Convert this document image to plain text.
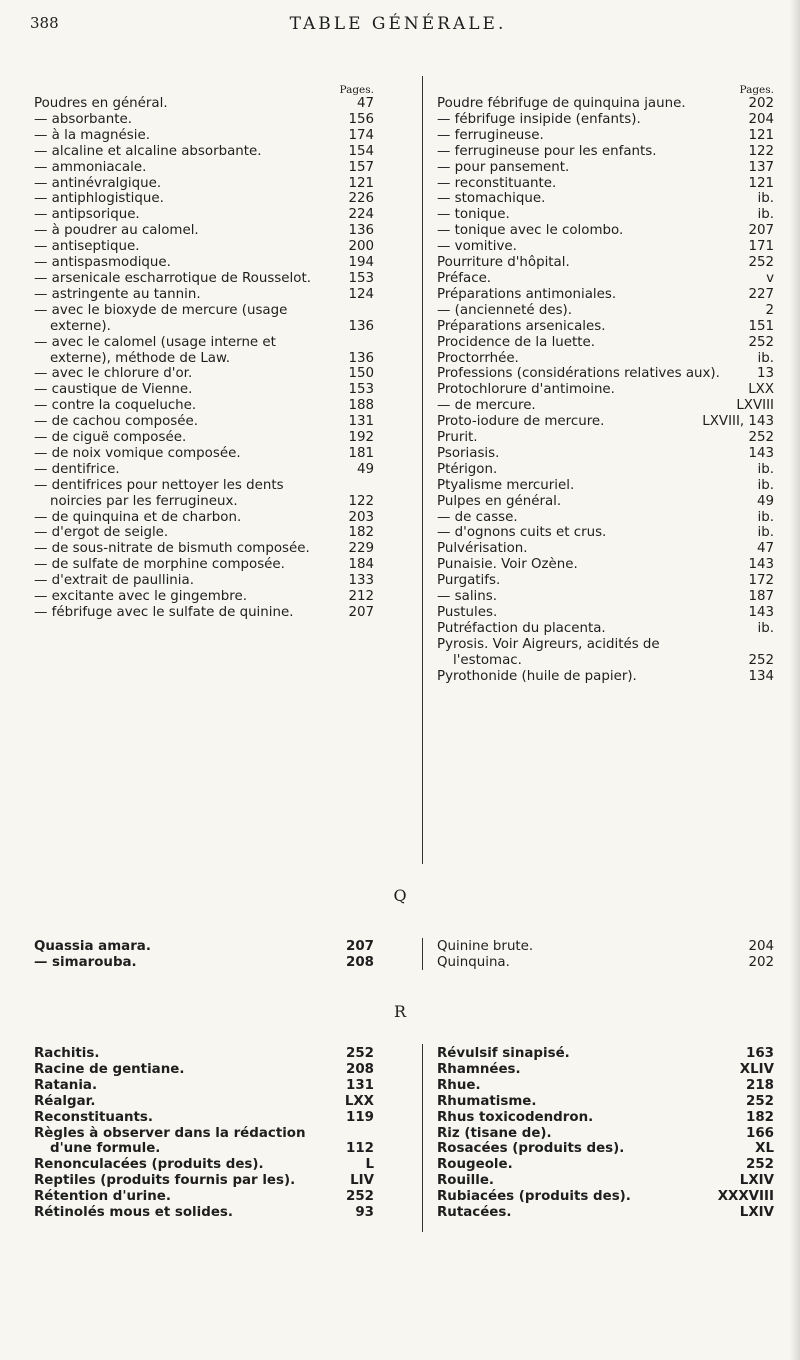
388	TABLE GÉNÉRALE.
Pages.
Poudres en général.	47
— absorbante.	156
— à la magnésie.	174
— alcaline et alcaline absorbante.	154
— ammoniacale.	157
— antinévralgique.	121
— antiphlogistique.	226
— antipsorique.	224
— à poudrer au calomel.	136
— antiseptique.	200
— antispasmodique.	194
— arsenicale escharrotique de Rousselot.	153
— astringente au tannin.	124
— avec le bioxyde de mercure (usage externe).	136
— avec le calomel (usage interne et externe), méthode de Law.	136
— avec le chlorure d'or.	150
— caustique de Vienne.	153
— contre la coqueluche.	188
— de cachou composée.	131
— de ciguë composée.	192
— de noix vomique composée.	181
— dentifrice.	49
— dentifrices pour nettoyer les dents noircies par les ferrugineux.	122
— de quinquina et de charbon.	203
— d'ergot de seigle.	182
— de sous-nitrate de bismuth composée.	229
— de sulfate de morphine composée.	184
— d'extrait de paullinia.	133
— excitante avec le gingembre.	212
— fébrifuge avec le sulfate de quinine.	207
Pages.
Poudre fébrifuge de quinquina jaune.	202
— fébrifuge insipide (enfants).	204
— ferrugineuse.	121
— ferrugineuse pour les enfants.	122
— pour pansement.	137
— reconstituante.	121
— stomachique.	ib.
— tonique.	ib.
— tonique avec le colombo.	207
— vomitive.	171
Pourriture d'hôpital.	252
Préface.	v
Préparations antimoniales.	227
— (ancienneté des).	2
Préparations arsenicales.	151
Procidence de la luette.	252
Proctorrhée.	ib.
Professions (considérations relatives aux).	13
Protochlorure d'antimoine.	LXX
— de mercure.	LXVIII
Proto-iodure de mercure.	LXVIII, 143
Prurit.	252
Psoriasis.	143
Ptérigon.	ib.
Ptyalisme mercuriel.	ib.
Pulpes en général.	49
— de casse.	ib.
— d'ognons cuits et crus.	ib.
Pulvérisation.	47
Punaisie. Voir Ozène.	143
Purgatifs.	172
— salins.	187
Pustules.	143
Putréfaction du placenta.	ib.
Pyrosis. Voir Aigreurs, acidités de l'estomac.	252
Pyrothonide (huile de papier).	134
Q
Quassia amara.	207
— simarouba.	208
Quinine brute.	204
Quinquina.	202
R
Rachitis.	252
Racine de gentiane.	208
Ratania.	131
Réalgar.	LXX
Reconstituants.	119
Règles à observer dans la rédaction d'une formule.	112
Renonculacées (produits des).	L
Reptiles (produits fournis par les).	LIV
Rétention d'urine.	252
Rétinolés mous et solides.	93
Révulsif sinapisé.	163
Rhamnées.	XLIV
Rhue.	218
Rhumatisme.	252
Rhus toxicodendron.	182
Riz (tisane de).	166
Rosacées (produits des).	XL
Rougeole.	252
Rouille.	LXIV
Rubiacées (produits des).	XXXVIII
Rutacées.	LXIV
